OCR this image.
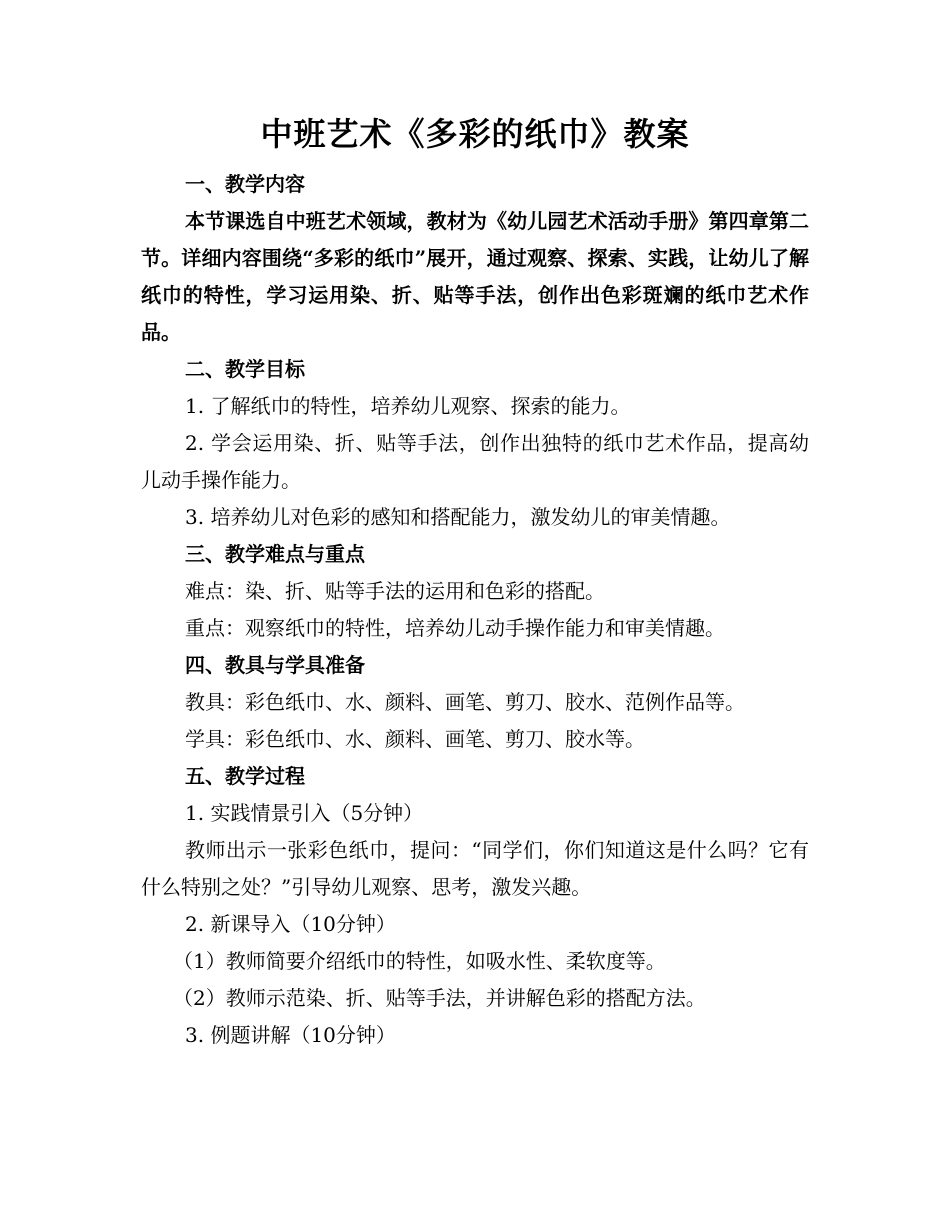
中班艺术《多彩的纸巾》教案
一、教学内容
本节课选自中班艺术领域，教材为《幼儿园艺术活动手册》第四章第二节。详细内容围绕“多彩的纸巾”展开，通过观察、探索、实践，让幼儿了解纸巾的特性，学习运用染、折、贴等手法，创作出色彩斑斓的纸巾艺术作品。
二、教学目标
1. 了解纸巾的特性，培养幼儿观察、探索的能力。
2. 学会运用染、折、贴等手法，创作出独特的纸巾艺术作品，提高幼儿动手操作能力。
3. 培养幼儿对色彩的感知和搭配能力，激发幼儿的审美情趣。
三、教学难点与重点
难点：染、折、贴等手法的运用和色彩的搭配。
重点：观察纸巾的特性，培养幼儿动手操作能力和审美情趣。
四、教具与学具准备
教具：彩色纸巾、水、颜料、画笔、剪刀、胶水、范例作品等。
学具：彩色纸巾、水、颜料、画笔、剪刀、胶水等。
五、教学过程
1. 实践情景引入（5分钟）
教师出示一张彩色纸巾，提问：“同学们，你们知道这是什么吗？它有什么特别之处？”引导幼儿观察、思考，激发兴趣。
2. 新课导入（10分钟）
（1）教师简要介绍纸巾的特性，如吸水性、柔软度等。
（2）教师示范染、折、贴等手法，并讲解色彩的搭配方法。
3. 例题讲解（10分钟）
